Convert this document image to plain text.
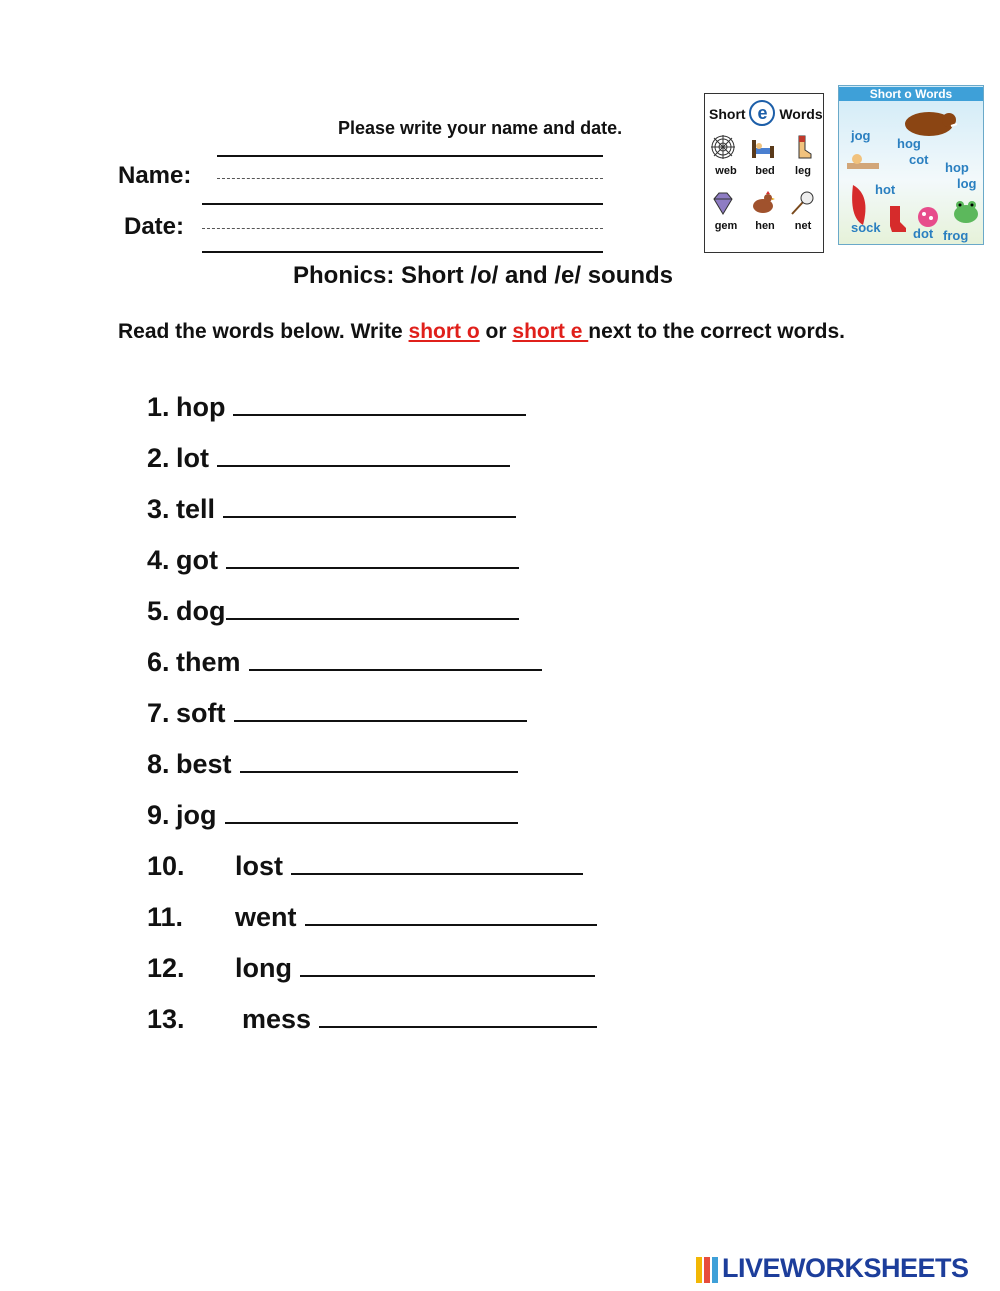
Please write your name and date.
Name:
Date:
Short e Words
web	bed	leg
gem	hen	net
Short o Words
jog
hog
cot
hop
log
hot
sock dot frog
Phonics: Short /o/ and /e/ sounds
Read the words below. Write short o or short e next to the correct words.
1. hop
2. lot
3. tell
4. got
5. dog
6. them
7. soft
8. best
9. jog
10. lost
11. went
12. long
13. mess
LIVEWORKSHEETS
